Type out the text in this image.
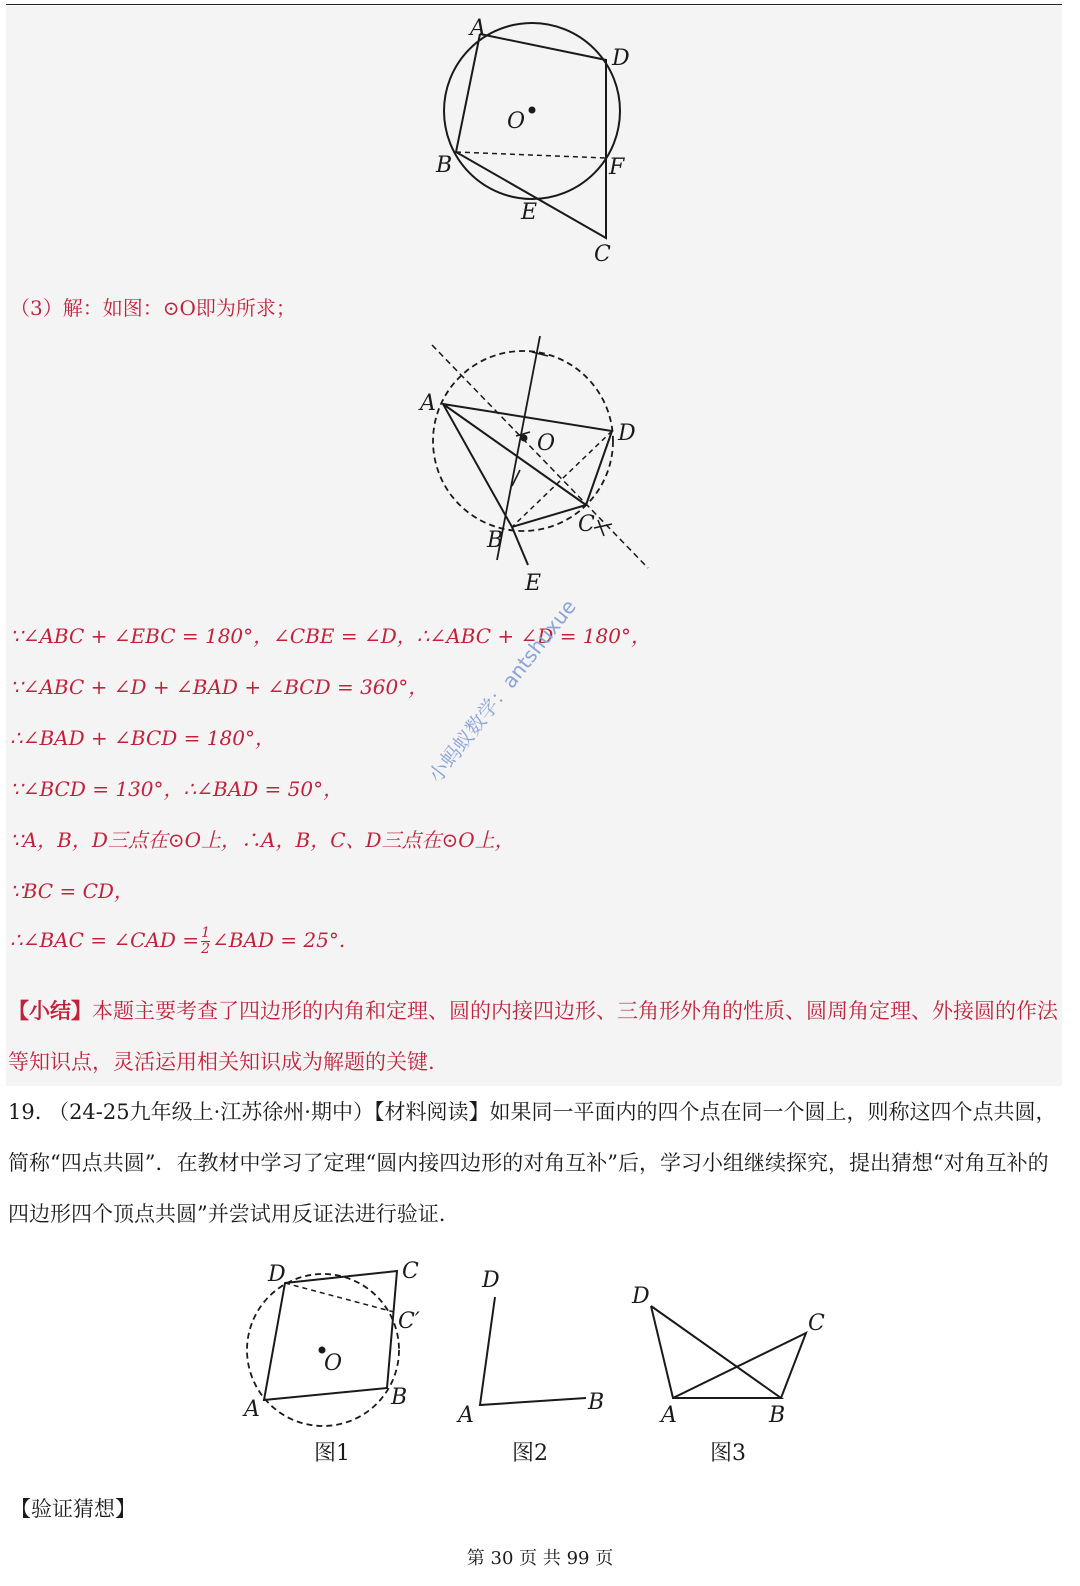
A
D
O
B	F
E
C
（3）解：如图：⊙O即为所求；
A
D
O
B
C
E
∵∠ABC + ∠EBC = 180°，∠CBE = ∠D，∴∠ABC + ∠D = 180°，
∵∠ABC + ∠D + ∠BAD + ∠BCD = 360°，
∴∠BAD + ∠BCD = 180°，
∵∠BCD = 130°，∴∠BAD = 50°，
∵A，B，D三点在⊙O上，∴A，B，C、D三点在⊙O上，
∵BC = CD，
∴∠BAC = ∠CAD = $\frac{1}{2}$ ∠BAD = 25°.
【小结】本题主要考查了四边形的内角和定理、圆的内接四边形、三角形外角的性质、圆周角定理、外接圆的作法等知识点，灵活运用相关知识成为解题的关键.
小蚂蚁数学：antshuxue
19. （24-25九年级上·江苏徐州·期中）【材料阅读】如果同一平面内的四个点在同一个圆上，则称这四个点共圆，简称“四点共圆”．在教材中学习了定理“圆内接四边形的对角互补”后，学习小组继续探究，提出猜想“对角互补的四边形四个顶点共圆”并尝试用反证法进行验证.
D	C
C′
O
A	B
图1
D
A
B
图2
D
C
A	B
图3
【验证猜想】
第 30 页 共 99 页
